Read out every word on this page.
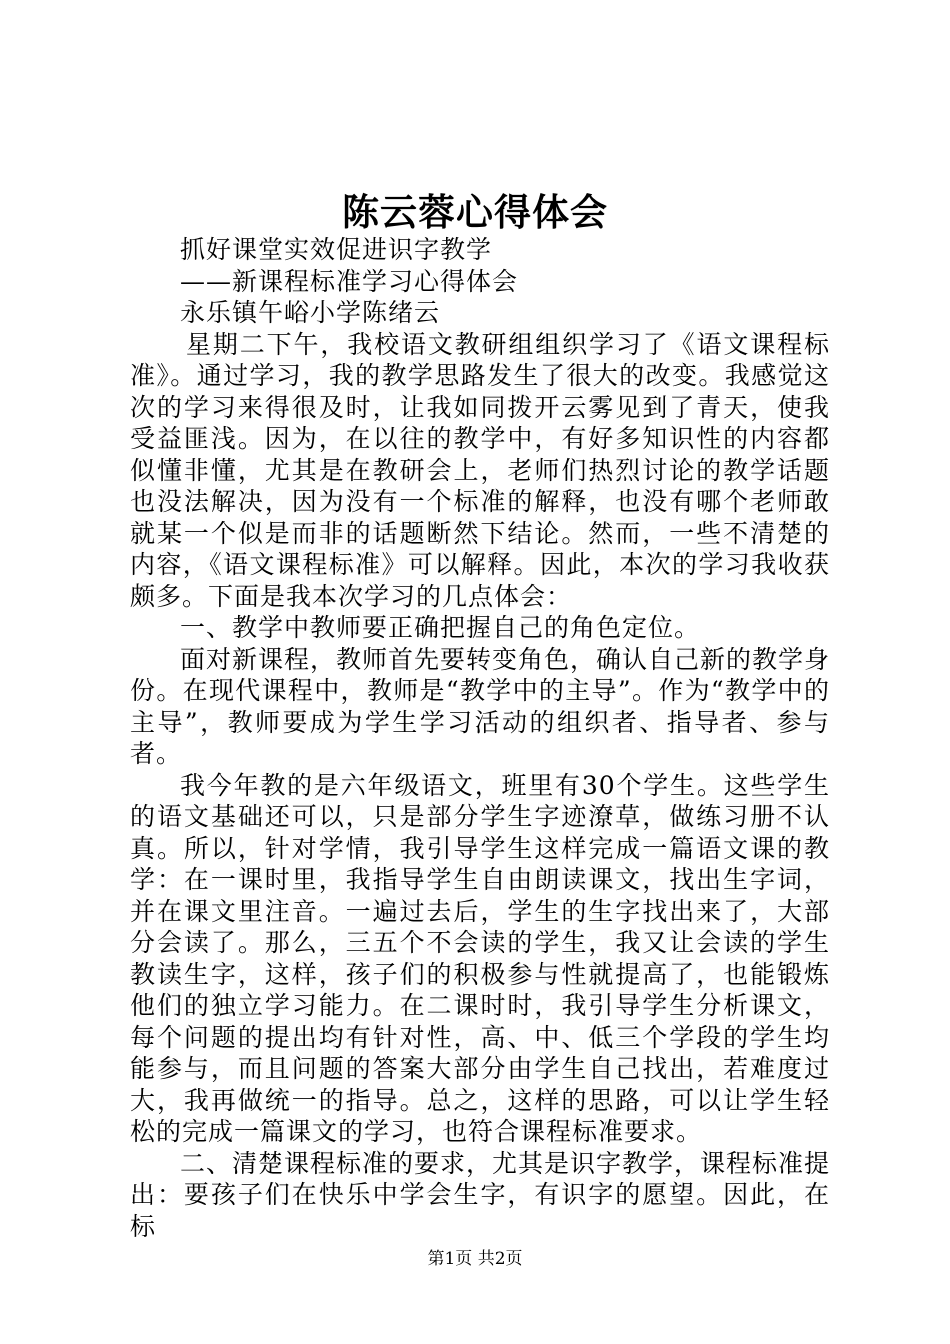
陈云蓉心得体会

抓好课堂实效促进识字教学

——新课程标准学习心得体会

永乐镇午峪小学陈绪云

星期二下午，我校语文教研组组织学习了《语文课程标准》。通过学习，我的教学思路发生了很大的改变。我感觉这次的学习来得很及时，让我如同拨开云雾见到了青天，使我受益匪浅。因为，在以往的教学中，有好多知识性的内容都似懂非懂，尤其是在教研会上，老师们热烈讨论的教学话题也没法解决，因为没有一个标准的解释，也没有哪个老师敢就某一个似是而非的话题断然下结论。然而，一些不清楚的内容，《语文课程标准》可以解释。因此，本次的学习我收获颇多。下面是我本次学习的几点体会：

一、教学中教师要正确把握自己的角色定位。

面对新课程，教师首先要转变角色，确认自己新的教学身份。在现代课程中，教师是“教学中的主导”。作为“教学中的主导”，教师要成为学生学习活动的组织者、指导者、参与者。

我今年教的是六年级语文，班里有30个学生。这些学生的语文基础还可以，只是部分学生字迹潦草，做练习册不认真。所以，针对学情，我引导学生这样完成一篇语文课的教学：在一课时里，我指导学生自由朗读课文，找出生字词，并在课文里注音。一遍过去后，学生的生字找出来了，大部分会读了。那么，三五个不会读的学生，我又让会读的学生教读生字，这样，孩子们的积极参与性就提高了，也能锻炼他们的独立学习能力。在二课时时，我引导学生分析课文，每个问题的提出均有针对性，高、中、低三个学段的学生均能参与，而且问题的答案大部分由学生自己找出，若难度过大，我再做统一的指导。总之，这样的思路，可以让学生轻松的完成一篇课文的学习，也符合课程标准要求。

二、清楚课程标准的要求，尤其是识字教学，课程标准提出：要孩子们在快乐中学会生字，有识字的愿望。因此，在标

第1页 共2页
